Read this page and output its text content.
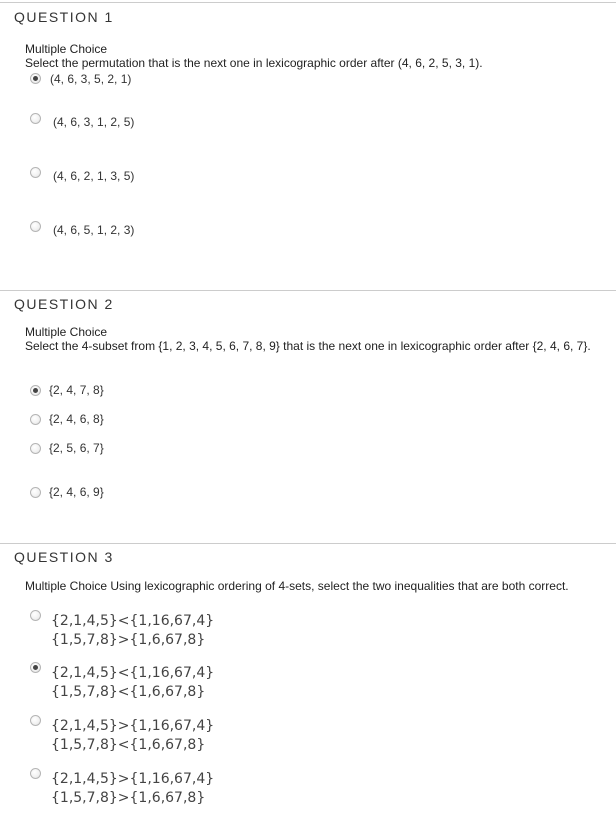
QUESTION 1
Multiple Choice
Select the permutation that is the next one in lexicographic order after (4, 6, 2, 5, 3, 1).
(4, 6, 3, 5, 2, 1)
(4, 6, 3, 1, 2, 5)
(4, 6, 2, 1, 3, 5)
(4, 6, 5, 1, 2, 3)
QUESTION 2
Multiple Choice
Select the 4-subset from {1, 2, 3, 4, 5, 6, 7, 8, 9} that is the next one in lexicographic order after {2, 4, 6, 7}.
{2, 4, 7, 8}
{2, 4, 6, 8}
{2, 5, 6, 7}
{2, 4, 6, 9}
QUESTION 3
Multiple Choice Using lexicographic ordering of 4-sets, select the two inequalities that are both correct.
{2,1,4,5}<{1,16,67,4}
{1,5,7,8}>{1,6,67,8}
{2,1,4,5}<{1,16,67,4}
{1,5,7,8}<{1,6,67,8}
{2,1,4,5}>{1,16,67,4}
{1,5,7,8}<{1,6,67,8}
{2,1,4,5}>{1,16,67,4}
{1,5,7,8}>{1,6,67,8}
